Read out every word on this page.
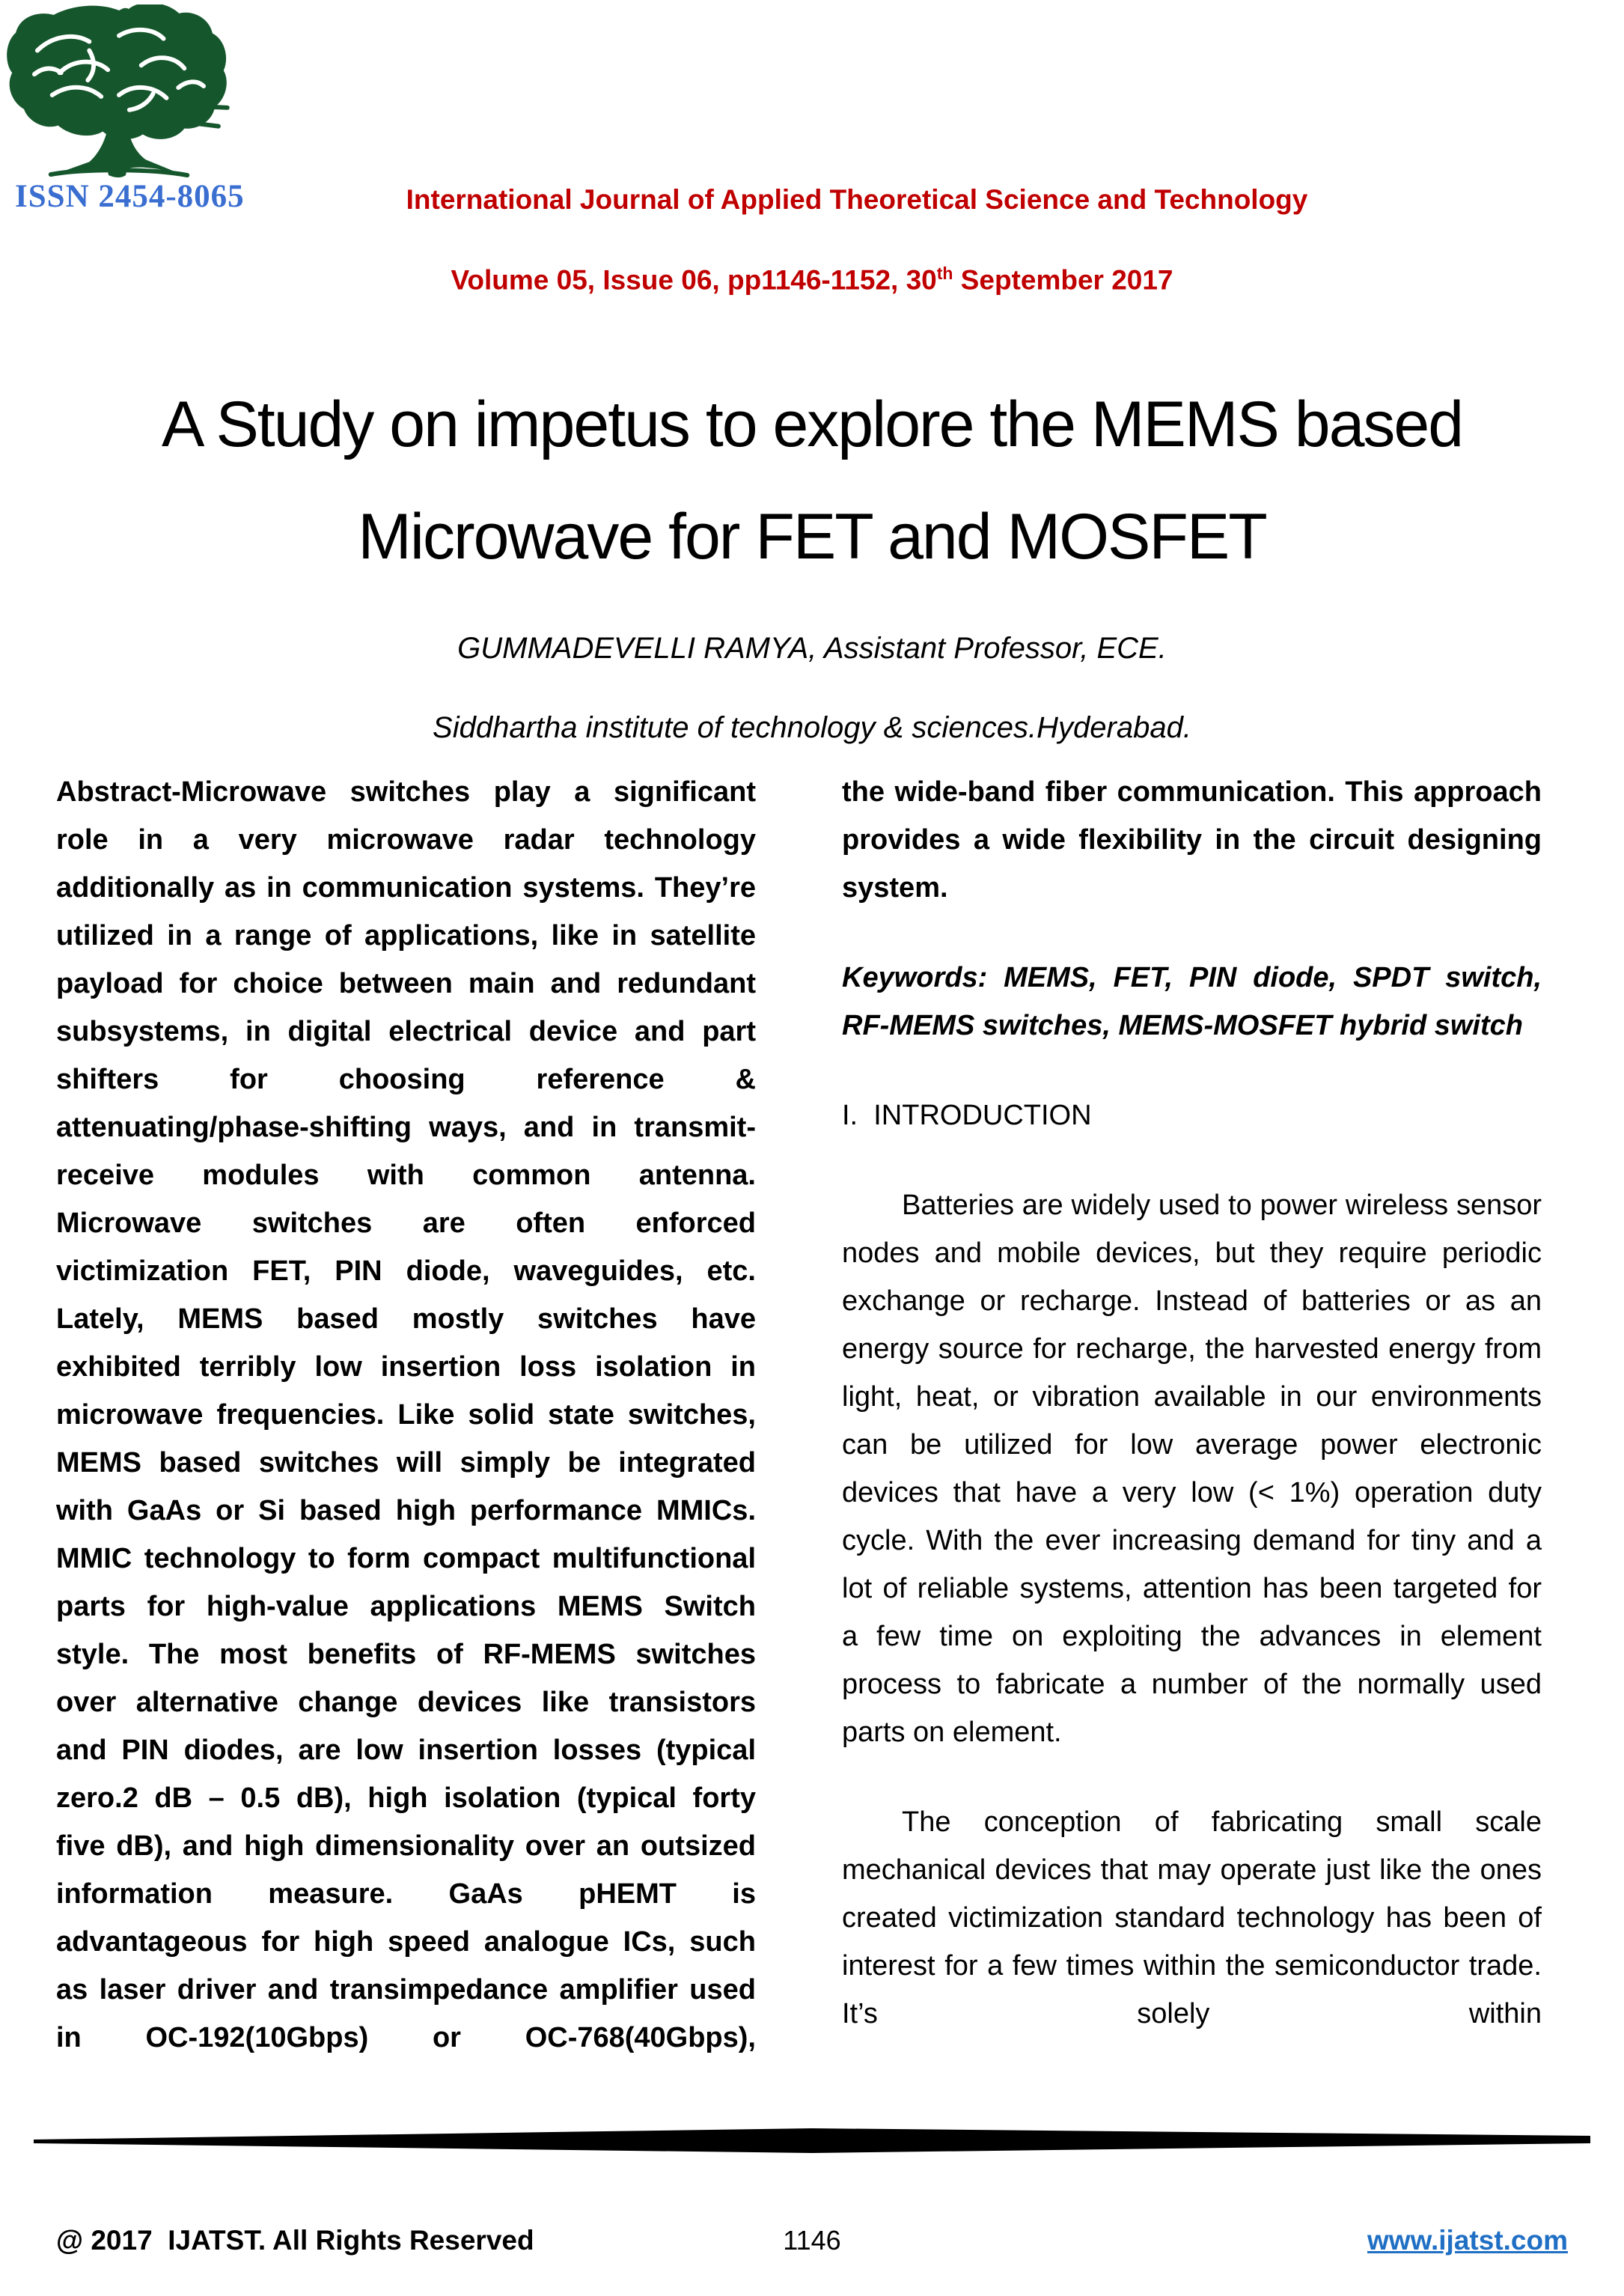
ISSN 2454-8065	International Journal of Applied Theoretical Science and Technology
Volume 05, Issue 06, pp1146-1152, 30th September 2017
A Study on impetus to explore the MEMS based
Microwave for FET and MOSFET
GUMMADEVELLI RAMYA, Assistant Professor, ECE.
Siddhartha institute of technology & sciences.Hyderabad.

Abstract-Microwave switches play a significant role in a very microwave radar technology additionally as in communication systems. They’re utilized in a range of applications, like in satellite payload for choice between main and redundant subsystems, in digital electrical device and part shifters for choosing reference & attenuating/phase-shifting ways, and in transmit-receive modules with common antenna. Microwave switches are often enforced victimization FET, PIN diode, waveguides, etc. Lately, MEMS based mostly switches have exhibited terribly low insertion loss isolation in microwave frequencies. Like solid state switches, MEMS based switches will simply be integrated with GaAs or Si based high performance MMICs. MMIC technology to form compact multifunctional parts for high-value applications MEMS Switch style. The most benefits of RF-MEMS switches over alternative change devices like transistors and PIN diodes, are low insertion losses (typical zero.2 dB – 0.5 dB), high isolation (typical forty five dB), and high dimensionality over an outsized information measure. GaAs pHEMT is advantageous for high speed analogue ICs, such as laser driver and transimpedance amplifier used in OC-192(10Gbps) or OC-768(40Gbps),

the wide-band fiber communication. This approach provides a wide flexibility in the circuit designing system.

Keywords: MEMS, FET, PIN diode, SPDT switch, RF-MEMS switches, MEMS-MOSFET hybrid switch

I.  INTRODUCTION

Batteries are widely used to power wireless sensor nodes and mobile devices, but they require periodic exchange or recharge. Instead of batteries or as an energy source for recharge, the harvested energy from light, heat, or vibration available in our environments can be utilized for low average power electronic devices that have a very low (< 1%) operation duty cycle. With the ever increasing demand for tiny and a lot of reliable systems, attention has been targeted for a few time on exploiting the advances in element process to fabricate a number of the normally used parts on element.

The conception of fabricating small scale mechanical devices that may operate just like the ones created victimization standard technology has been of interest for a few times within the semiconductor trade. It’s solely within

@ 2017  IJATST. All Rights Reserved	1146	www.ijatst.com
